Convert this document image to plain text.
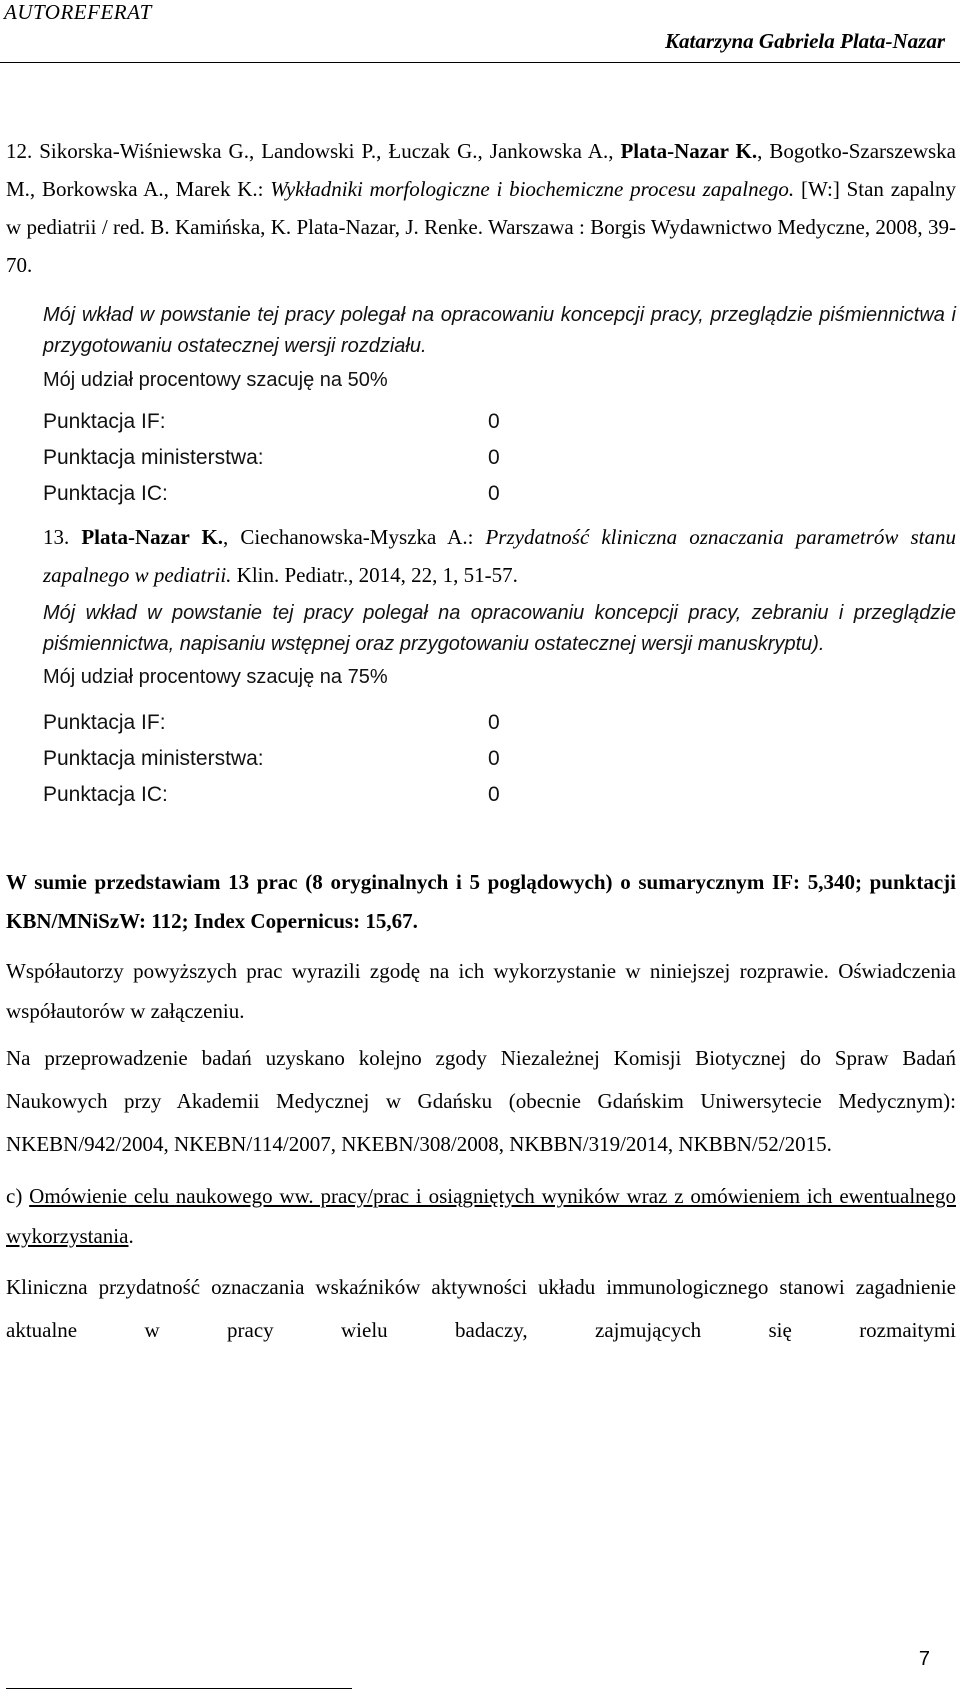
AUTOREFERAT
Katarzyna Gabriela Plata-Nazar

12. Sikorska-Wiśniewska G., Landowski P., Łuczak G., Jankowska A., Plata-Nazar K., Bogotko-Szarszewska M., Borkowska A., Marek K.: Wykładniki morfologiczne i biochemiczne procesu zapalnego. [W:] Stan zapalny w pediatrii / red. B. Kamińska, K. Plata-Nazar, J. Renke. Warszawa : Borgis Wydawnictwo Medyczne, 2008, 39-70.

Mój wkład w powstanie tej pracy polegał na opracowaniu koncepcji pracy, przeglądzie piśmiennictwa i przygotowaniu ostatecznej wersji rozdziału.

Mój udział procentowy szacuję na 50%

Punktacja IF:	0
Punktacja ministerstwa:	0
Punktacja IC:	0

13. Plata-Nazar K., Ciechanowska-Myszka A.: Przydatność kliniczna oznaczania parametrów stanu zapalnego w pediatrii. Klin. Pediatr., 2014, 22, 1, 51-57.

Mój wkład w powstanie tej pracy polegał na opracowaniu koncepcji pracy, zebraniu i przeglądzie piśmiennictwa, napisaniu wstępnej oraz przygotowaniu ostatecznej wersji manuskryptu).

Mój udział procentowy szacuję na 75%

Punktacja IF:	0
Punktacja ministerstwa:	0
Punktacja IC:	0

W sumie przedstawiam 13 prac (8 oryginalnych i 5 poglądowych) o sumarycznym IF: 5,340; punktacji KBN/MNiSzW: 112; Index Copernicus: 15,67.

Współautorzy powyższych prac wyrazili zgodę na ich wykorzystanie w niniejszej rozprawie. Oświadczenia współautorów w załączeniu.

Na przeprowadzenie badań uzyskano kolejno zgody Niezależnej Komisji Biotycznej do Spraw Badań Naukowych przy Akademii Medycznej w Gdańsku (obecnie Gdańskim Uniwersytecie Medycznym): NKEBN/942/2004, NKEBN/114/2007, NKEBN/308/2008, NKBBN/319/2014, NKBBN/52/2015.

c) Omówienie celu naukowego ww. pracy/prac i osiągniętych wyników wraz z omówieniem ich ewentualnego wykorzystania.

Kliniczna przydatność oznaczania wskaźników aktywności układu immunologicznego stanowi zagadnienie aktualne w pracy wielu badaczy, zajmujących się rozmaitymi

7
